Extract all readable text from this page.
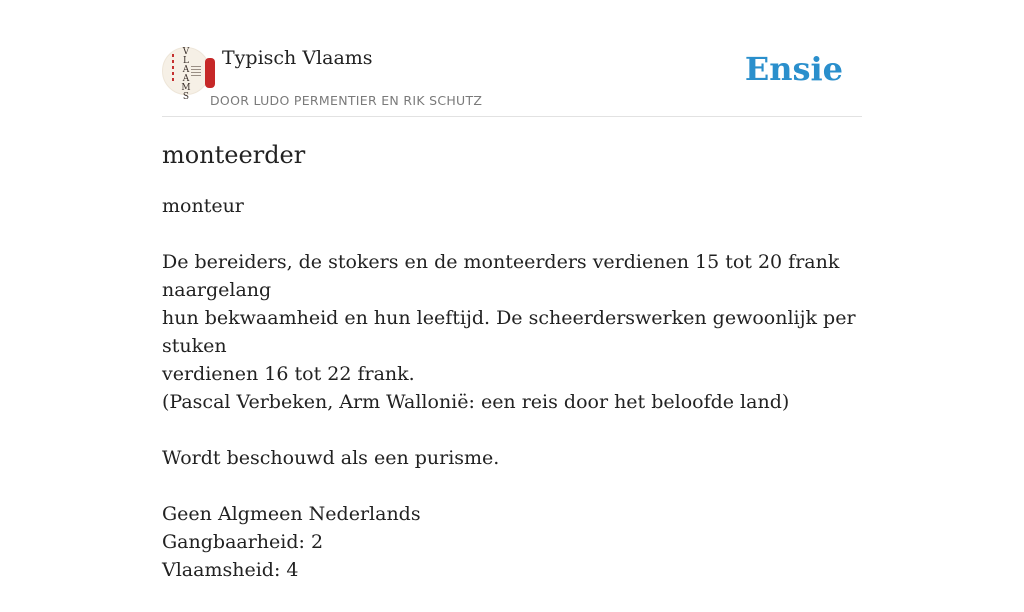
V
L
A
A
M
S
Typisch Vlaams
DOOR LUDO PERMENTIER EN RIK SCHUTZ
Ensie
monteerder

monteur

De bereiders, de stokers en de monteerders verdienen 15 tot 20 frank naargelang
hun bekwaamheid en hun leeftijd. De scheerderswerken gewoonlijk per stuken
verdienen 16 tot 22 frank.
(Pascal Verbeken, Arm Wallonië: een reis door het beloofde land)

Wordt beschouwd als een purisme.

Geen Algmeen Nederlands
Gangbaarheid: 2
Vlaamsheid: 4
